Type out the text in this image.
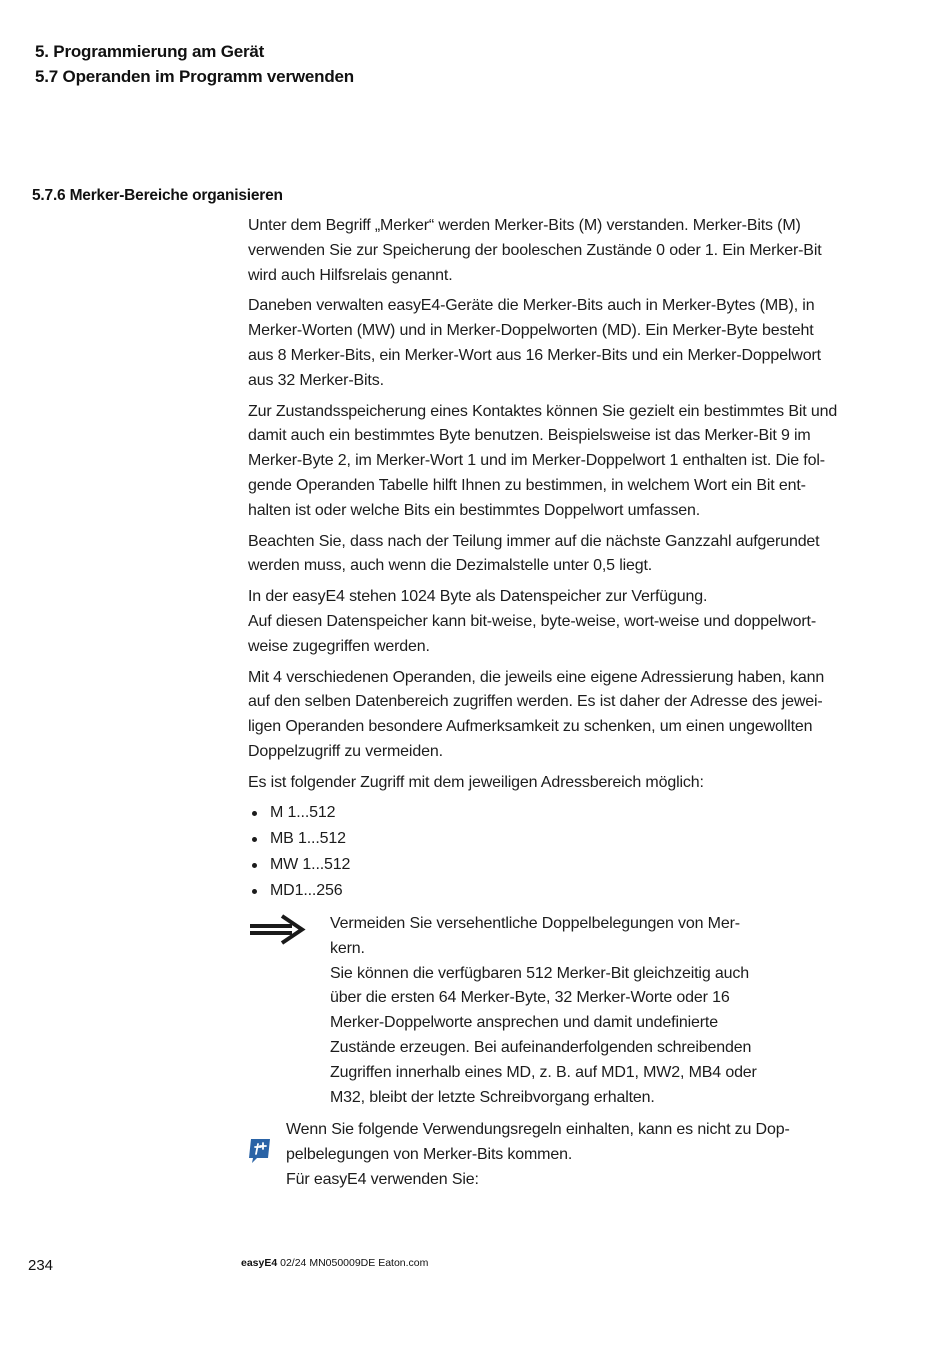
5. Programmierung am Gerät
5.7 Operanden im Programm verwenden
5.7.6 Merker-Bereiche organisieren

Unter dem Begriff „Merker“ werden Merker-Bits (M) verstanden. Merker-Bits (M)
verwenden Sie zur Speicherung der booleschen Zustände 0 oder 1. Ein Merker-Bit
wird auch Hilfsrelais genannt.

Daneben verwalten easyE4-Geräte die Merker-Bits auch in Merker-Bytes (MB), in
Merker-Worten (MW) und in Merker-Doppelworten (MD). Ein Merker-Byte besteht
aus 8 Merker-Bits, ein Merker-Wort aus 16 Merker-Bits und ein Merker-Doppelwort
aus 32 Merker-Bits.

Zur Zustandsspeicherung eines Kontaktes können Sie gezielt ein bestimmtes Bit und
damit auch ein bestimmtes Byte benutzen. Beispielsweise ist das Merker-Bit 9 im
Merker-Byte 2, im Merker-Wort 1 und im Merker-Doppelwort 1 enthalten ist. Die fol-
gende Operanden Tabelle hilft Ihnen zu bestimmen, in welchem Wort ein Bit ent-
halten ist oder welche Bits ein bestimmtes Doppelwort umfassen.

Beachten Sie, dass nach der Teilung immer auf die nächste Ganzzahl aufgerundet
werden muss, auch wenn die Dezimalstelle unter 0,5 liegt.

In der easyE4 stehen 1024 Byte als Datenspeicher zur Verfügung.
Auf diesen Datenspeicher kann bit-weise, byte-weise, wort-weise und doppelwort-
weise zugegriffen werden.

Mit 4 verschiedenen Operanden, die jeweils eine eigene Adressierung haben, kann
auf den selben Datenbereich zugriffen werden. Es ist daher der Adresse des jewei-
ligen Operanden besondere Aufmerksamkeit zu schenken, um einen ungewollten
Doppelzugriff zu vermeiden.

Es ist folgender Zugriff mit dem jeweiligen Adressbereich möglich:

M 1...512
MB 1...512
MW 1...512
MD1...256
Vermeiden Sie versehentliche Doppelbelegungen von Mer-
kern.
Sie können die verfügbaren 512 Merker-Bit gleichzeitig auch
über die ersten 64 Merker-Byte, 32 Merker-Worte oder 16
Merker-Doppelworte ansprechen und damit undefinierte
Zustände erzeugen. Bei aufeinanderfolgenden schreibenden
Zugriffen innerhalb eines MD, z. B. auf MD1, MW2, MB4 oder
M32, bleibt der letzte Schreibvorgang erhalten.
Wenn Sie folgende Verwendungsregeln einhalten, kann es nicht zu Dop-
pelbelegungen von Merker-Bits kommen.
Für easyE4 verwenden Sie:
234	easyE4 02/24 MN050009DE Eaton.com
